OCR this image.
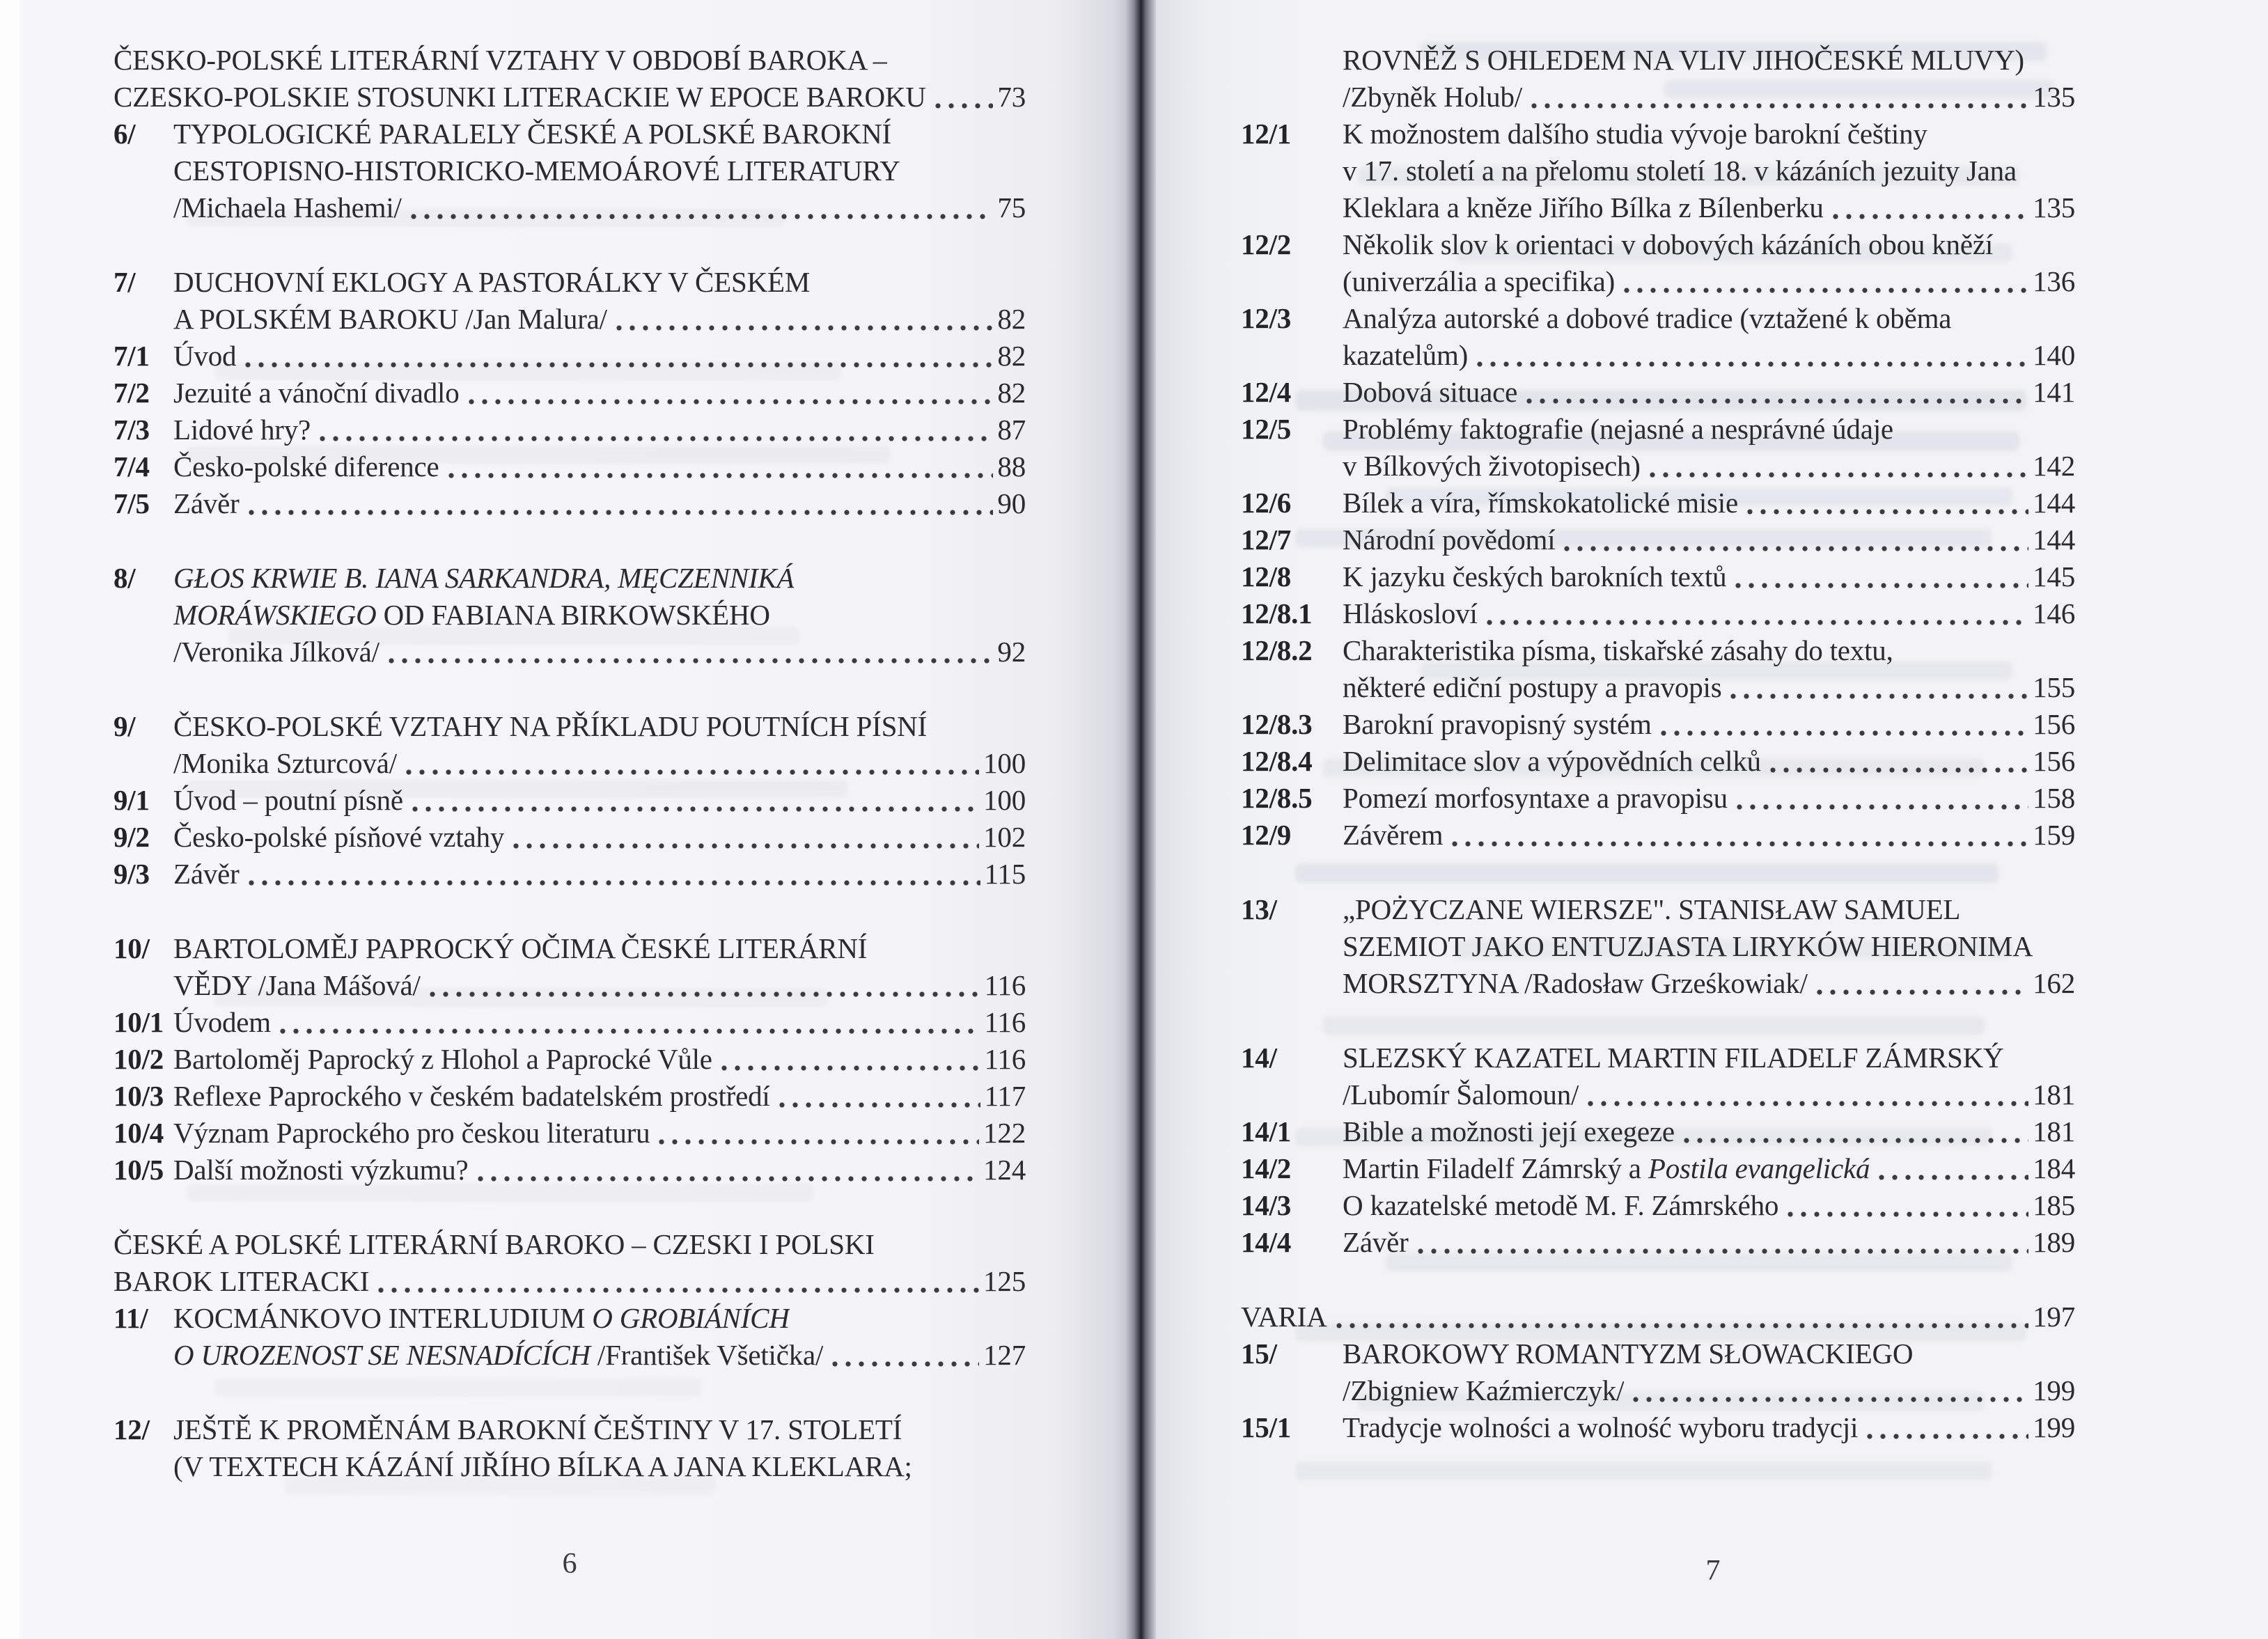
ČESKO-POLSKÉ LITERÁRNÍ VZTAHY V OBDOBÍ BAROKA –
CZESKO-POLSKIE STOSUNKI LITERACKIE W EPOCE BAROKU	73
6/	TYPOLOGICKÉ PARALELY ČESKÉ A POLSKÉ BAROKNÍ
CESTOPISNO-HISTORICKO-MEMOÁROVÉ LITERATURY
/Michaela Hashemi/	75
7/	DUCHOVNÍ EKLOGY A PASTORÁLKY V ČESKÉM
A POLSKÉM BAROKU /Jan Malura/	82
7/1 Úvod	82
7/2 Jezuité a vánoční divadlo	82
7/3 Lidové hry?	87
7/4 Česko-polské diference	88
7/5 Závěr	90
8/	GŁOS KRWIE B. IANA SARKANDRA, MĘCZENNIKÁ
MORÁWSKIEGO OD FABIANA BIRKOWSKÉHO
/Veronika Jílková/	92
9/	ČESKO-POLSKÉ VZTAHY NA PŘÍKLADU POUTNÍCH PÍSNÍ
/Monika Szturcová/	100
9/1 Úvod – poutní písně	100
9/2 Česko-polské písňové vztahy	102
9/3 Závěr	115
10/ BARTOLOMĚJ PAPROCKÝ OČIMA ČESKÉ LITERÁRNÍ
VĚDY /Jana Mášová/	116
10/1 Úvodem	116
10/2 Bartoloměj Paprocký z Hlohol a Paprocké Vůle	116
10/3 Reflexe Paprockého v českém badatelském prostředí	117
10/4 Význam Paprockého pro českou literaturu	122
10/5 Další možnosti výzkumu?	124
ČESKÉ A POLSKÉ LITERÁRNÍ BAROKO – CZESKI I POLSKI
BAROK LITERACKI	125
11/ KOCMÁNKOVO INTERLUDIUM O GROBIÁNÍCH
O UROZENOST SE NESNADÍCÍCH /František Všetička/	127
12/ JEŠTĚ K PROMĚNÁM BAROKNÍ ČEŠTINY V 17. STOLETÍ
(V TEXTECH KÁZÁNÍ JIŘÍHO BÍLKA A JANA KLEKLARA;
6
ROVNĚŽ S OHLEDEM NA VLIV JIHOČESKÉ MLUVY)
/Zbyněk Holub/	135
12/1	K možnostem dalšího studia vývoje barokní češtiny
v 17. století a na přelomu století 18. v kázáních jezuity Jana
Kleklara a kněze Jiřího Bílka z Bílenberku	135
12/2	Několik slov k orientaci v dobových kázáních obou kněží
(univerzália a specifika)	136
12/3	Analýza autorské a dobové tradice (vztažené k oběma
kazatelům)	140
12/4	Dobová situace	141
12/5	Problémy faktografie (nejasné a nesprávné údaje
v Bílkových životopisech)	142
12/6	Bílek a víra, římskokatolické misie	144
12/7	Národní povědomí	144
12/8	K jazyku českých barokních textů	145
12/8.1	Hláskosloví	146
12/8.2	Charakteristika písma, tiskařské zásahy do textu,
některé ediční postupy a pravopis	155
12/8.3	Barokní pravopisný systém	156
12/8.4	Delimitace slov a výpovědních celků	156
12/8.5	Pomezí morfosyntaxe a pravopisu	158
12/9	Závěrem	159
13/	„POŻYCZANE WIERSZE". STANISŁAW SAMUEL
SZEMIOT JAKO ENTUZJASTA LIRYKÓW HIERONIMA
MORSZTYNA /Radosław Grześkowiak/	162
14/	SLEZSKÝ KAZATEL MARTIN FILADELF ZÁMRSKÝ
/Lubomír Šalomoun/	181
14/1	Bible a možnosti její exegeze	181
14/2	Martin Filadelf Zámrský a Postila evangelická	184
14/3	O kazatelské metodě M. F. Zámrského	185
14/4	Závěr	189
VARIA	197
15/	BAROKOWY ROMANTYZM SŁOWACKIEGO
/Zbigniew Kaźmierczyk/	199
15/1	Tradycje wolności a wolność wyboru tradycji	199
7
